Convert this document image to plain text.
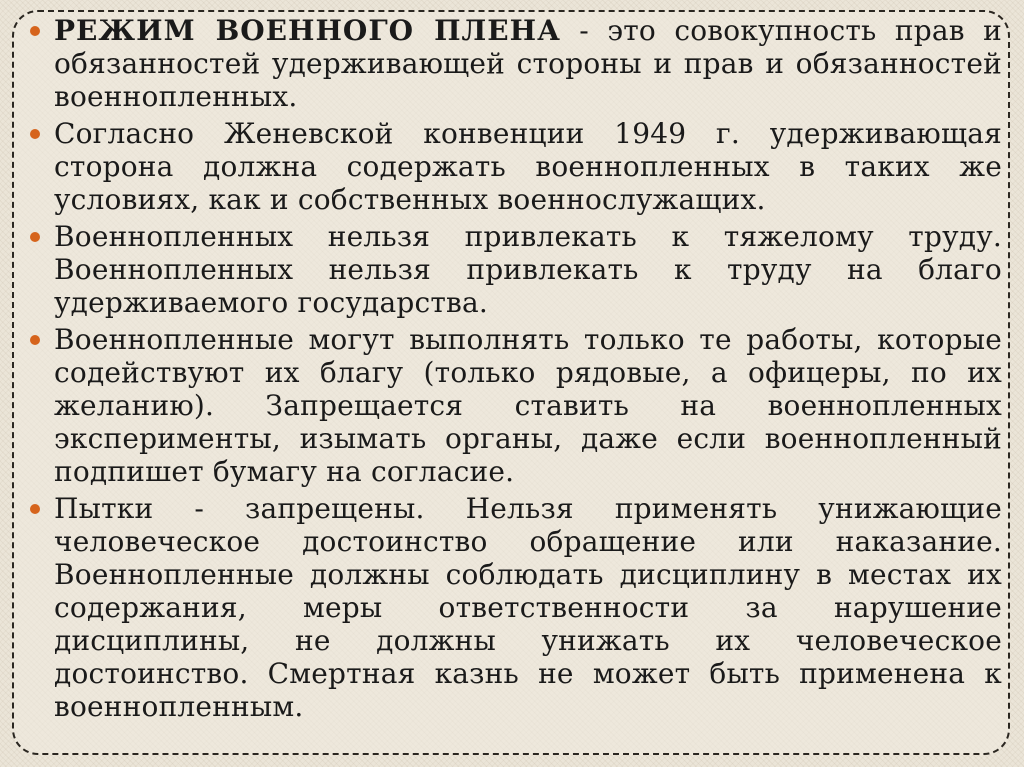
РЕЖИМ ВОЕННОГО ПЛЕНА - это совокупность прав и обязанностей удерживающей стороны и прав и обязанностей военнопленных.
Согласно Женевской конвенции 1949 г. удерживающая сторона должна содержать военнопленных в таких же условиях, как и собственных военнослужащих.
Военнопленных нельзя привлекать к тяжелому труду. Военнопленных нельзя привлекать к труду на благо удерживаемого государства.
Военнопленные могут выполнять только те работы, которые содействуют их благу (только рядовые, а офицеры, по их желанию). Запрещается ставить на военнопленных эксперименты, изымать органы, даже если военнопленный подпишет бумагу на согласие.
Пытки - запрещены. Нельзя применять унижающие человеческое достоинство обращение или наказание. Военнопленные должны соблюдать дисциплину в местах их содержания, меры ответственности за нарушение дисциплины, не должны унижать их человеческое достоинство. Смертная казнь не может быть применена к военнопленным.
